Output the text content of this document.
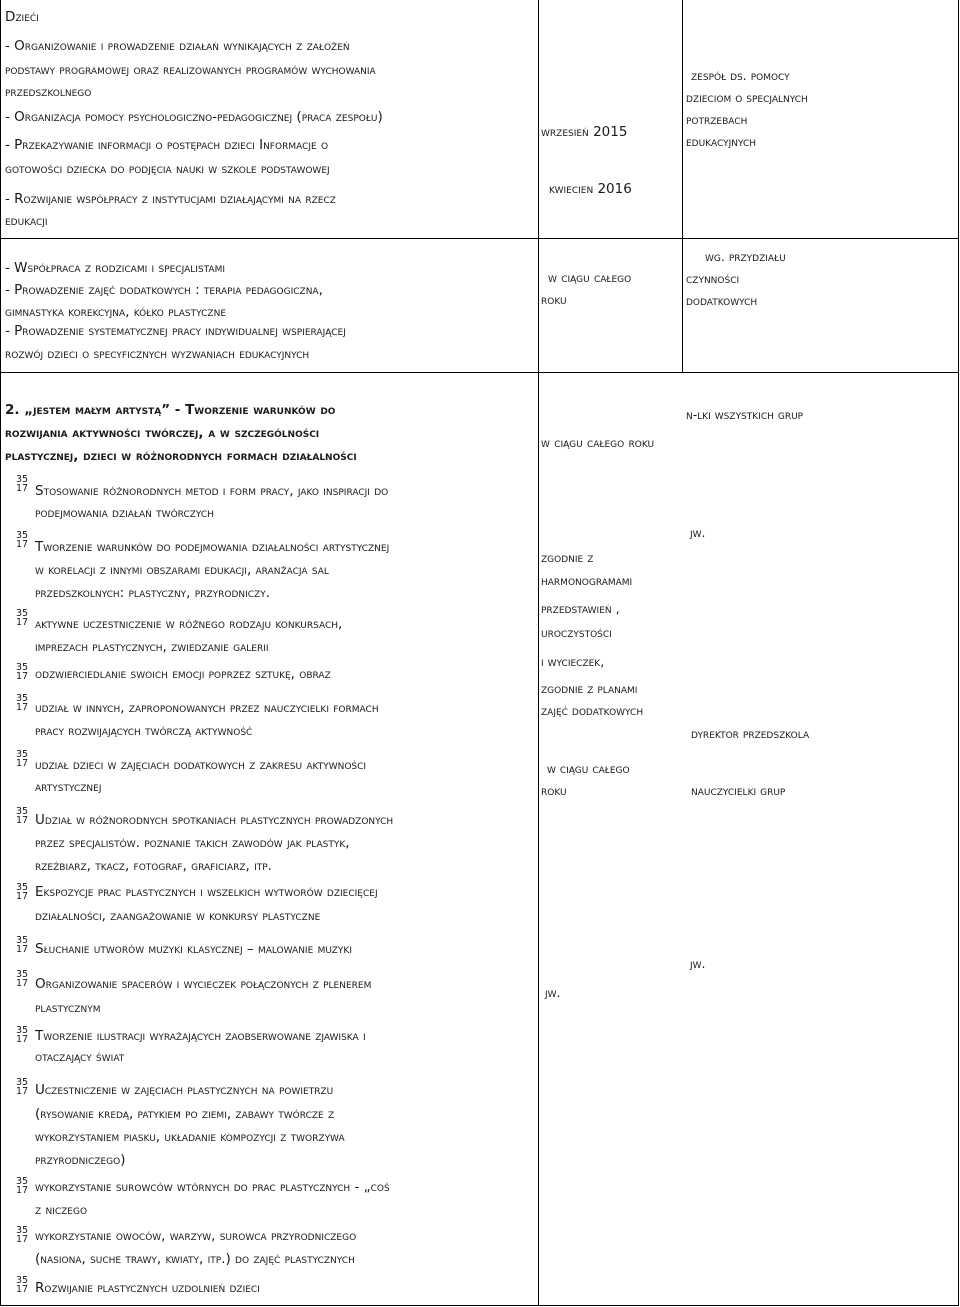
Dzieći
- Organizowanie i prowadzenie działań wynikających z założeń
podstawy programowej oraz realizowanych programów wychowania
przedszkolnego
- Organizacja pomocy psychologiczno-pedagogicznej (praca zespołu)
- Przekazywanie informacji o postępach dzieci Informacje o
gotowości dziecka do podjęcia nauki w szkole podstawowej
- Rozwijanie współpracy z instytucjami działającymi na rzecz
edukacji
wrzesień 2015
kwiecien 2016
zespół ds. pomocy
dzieciom o specjalnych
potrzebach
edukacyjnych
- Współpraca z rodzicami i specjalistami
- Prowadzenie zajęć dodatkowych : terapia pedagogiczna,
gimnastyka korekcyjna, kółko plastyczne
- Prowadzenie systematycznej pracy indywidualnej wspierającej
rozwój dzieci o specyficznych wyzwaniach edukacyjnych
w ciągu całego
roku
wg. przydziału
czynności
dodatkowych
2. „jestem małym artystą” - Tworzenie warunków do
rozwijania aktywności twórczej, a w szczególności
plastycznej, dzieci w różnorodnych formach działalności
w ciągu całego roku
n-lki wszystkich grup
35
17 Stosowanie różnorodnych metod i form pracy, jako inspiracji do
podejmowania działań twórczych
35
17 Tworzenie warunków do podejmowania działalności artystycznej
w korelacji z innymi obszarami edukacji, aranżacja sal
przedszkolnych: plastyczny, przyrodniczy.
35
17 aktywne uczestniczenie w różnego rodzaju konkursach,
imprezach plastycznych, zwiedzanie galerii
35
17 odzwierciedlanie swoich emocji poprzez sztukę, obraz
35
17 udział w innych, zaproponowanych przez nauczycielki formach
pracy rozwijających twórczą aktywność
35
17 udział dzieci w zajęciach dodatkowych z zakresu aktywności
artystycznej
35
17 Udział w różnorodnych spotkaniach plastycznych prowadzonych
przez specjalistów. poznanie takich zawodów jak plastyk,
rzeźbiarz, tkacz, fotograf, graficiarz, itp.
35
17 Ekspozycje prac plastycznych i wszelkich wytworów dziecięcej
działalności, zaangażowanie w konkursy plastyczne
35
17 Słuchanie utworów muzyki klasycznej – malowanie muzyki
35
17 Organizowanie spacerów i wycieczek połączonych z plenerem
plastycznym
35
17 Tworzenie ilustracji wyrażających zaobserwowane zjawiska i
otaczający świat
35
17 Uczestniczenie w zajęciach plastycznych na powietrzu
(rysowanie kredą, patykiem po ziemi, zabawy twórcze z
wykorzystaniem piasku, układanie kompozycji z tworzywa
przyrodniczego)
35
17 wykorzystanie surowców wtórnych do prac plastycznych - „coś
z niczego
35
17 wykorzystanie owoców, warzyw, surowca przyrodniczego
(nasiona, suche trawy, kwiaty, itp.) do zajęć plastycznych
35
17 Rozwijanie plastycznych uzdolnień dzieci
zgodnie z
harmonogramami
przedstawień ,
uroczystości
i wycieczek,
zgodnie z planami
zajęć dodatkowych
w ciągu całego
roku
jw.
jw.
dyrektor przedszkola
nauczycielki grup
jw.
